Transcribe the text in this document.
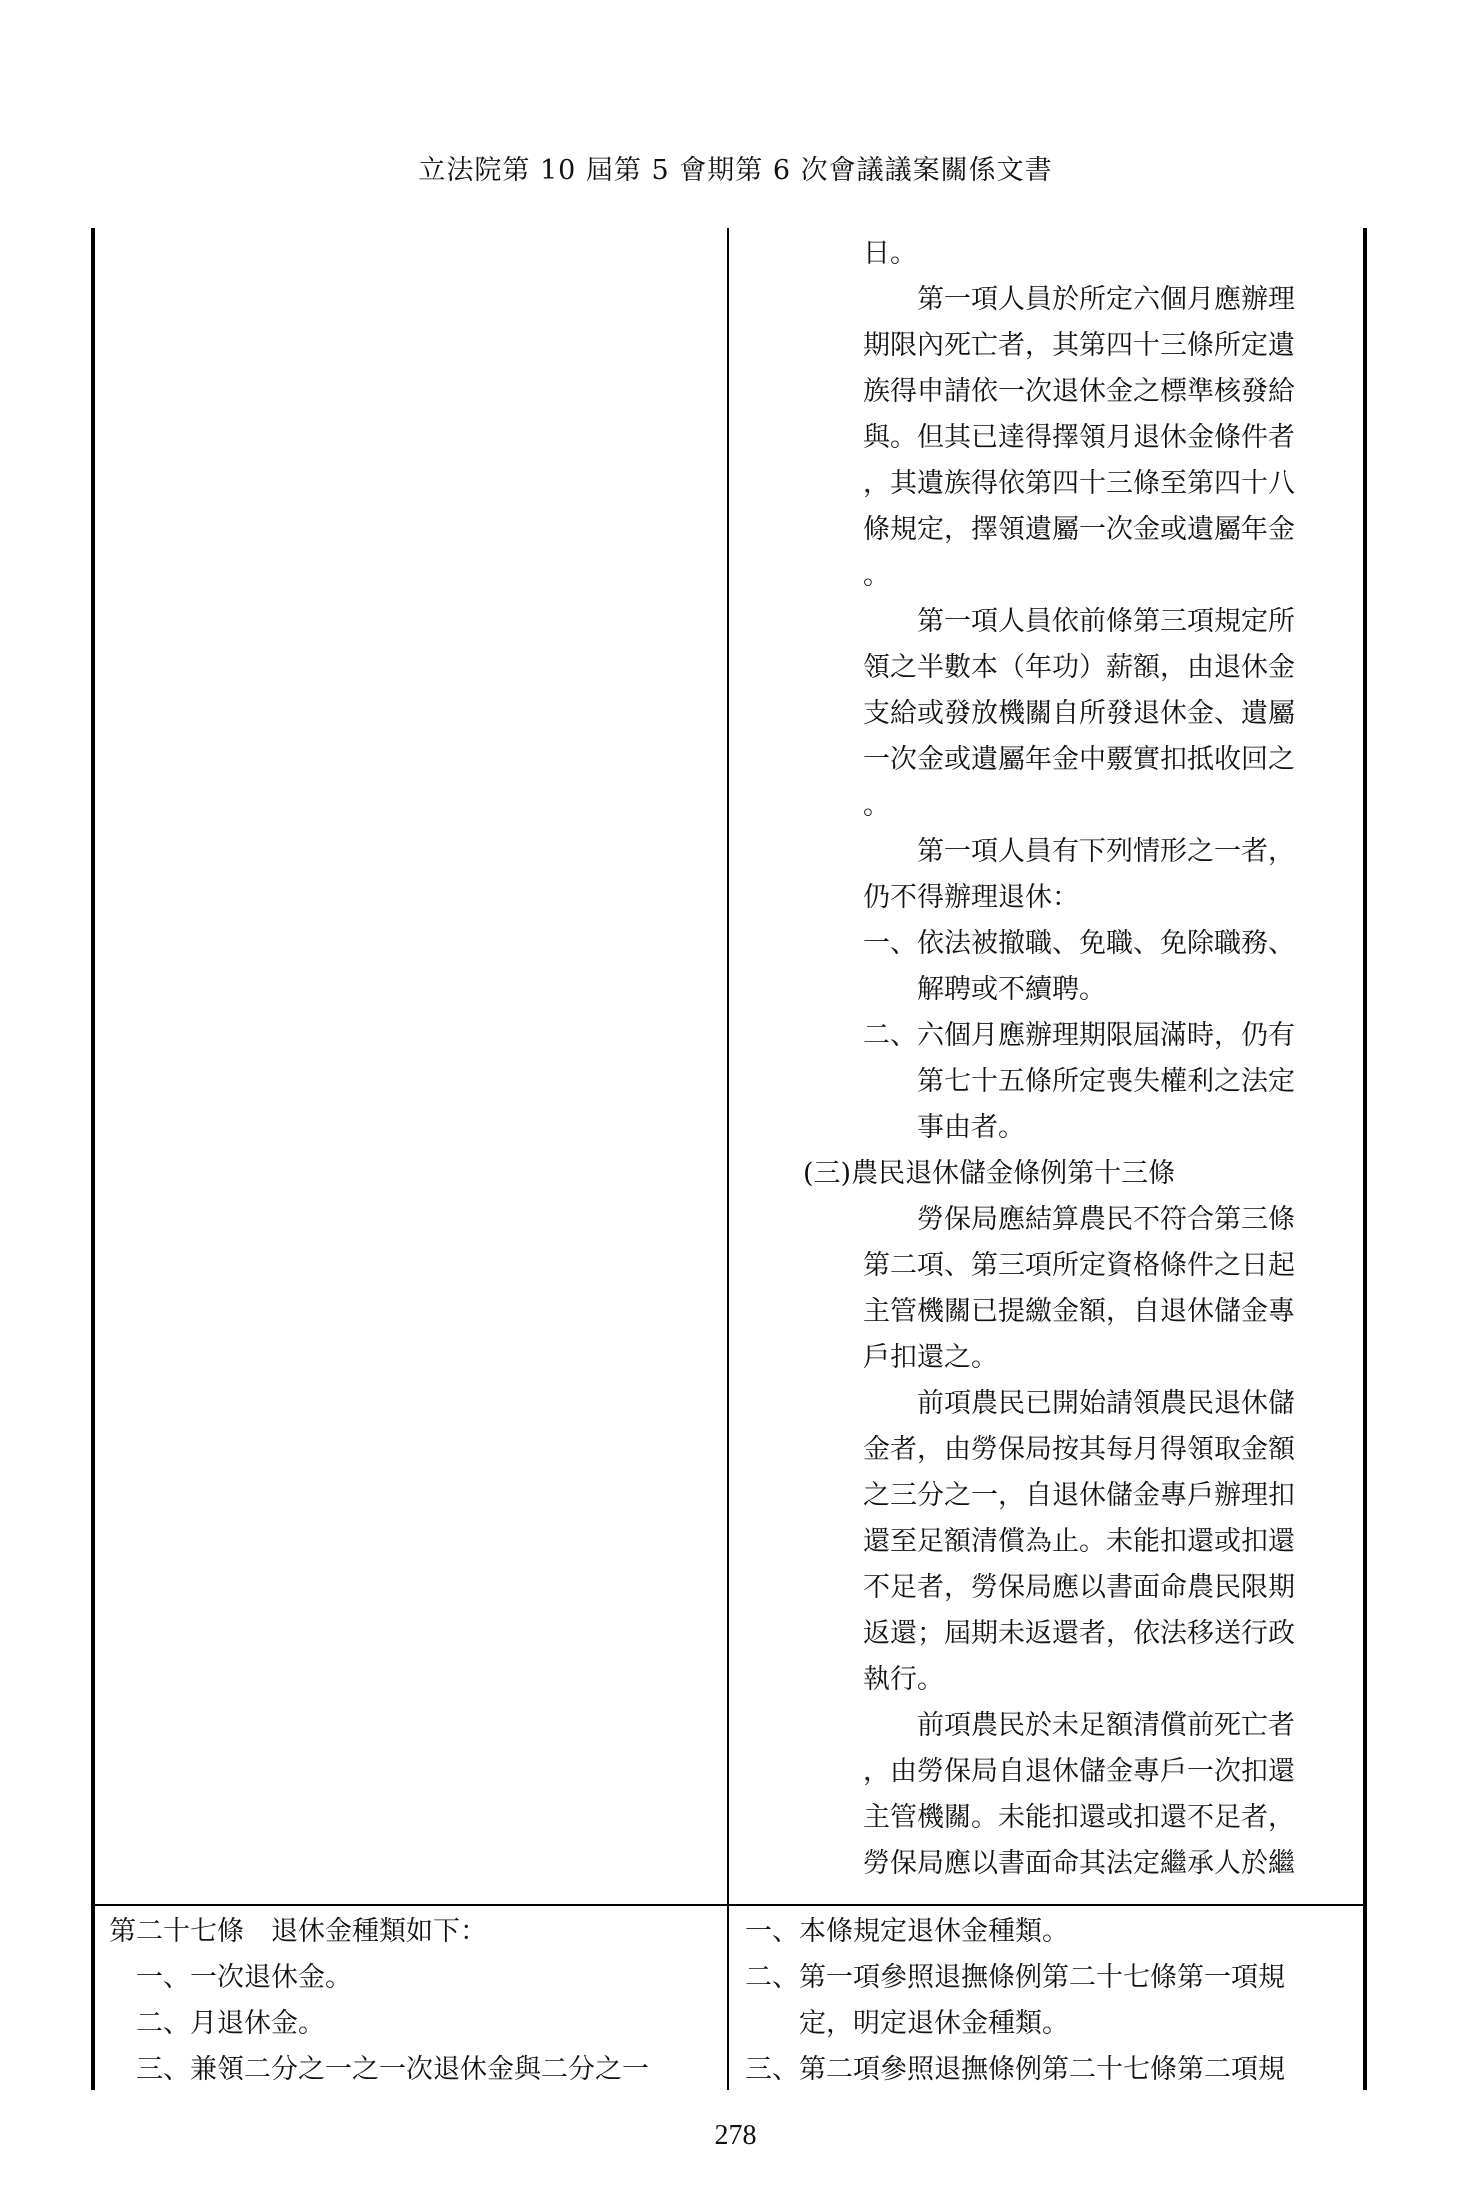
立法院第 10 屆第 5 會期第 6 次會議議案關係文書
日。
　　第一項人員於所定六個月應辦理
期限內死亡者，其第四十三條所定遺
族得申請依一次退休金之標準核發給
與。但其已達得擇領月退休金條件者
，其遺族得依第四十三條至第四十八
條規定，擇領遺屬一次金或遺屬年金
。
　　第一項人員依前條第三項規定所
領之半數本（年功）薪額，由退休金
支給或發放機關自所發退休金、遺屬
一次金或遺屬年金中覈實扣抵收回之
。
　　第一項人員有下列情形之一者，
仍不得辦理退休：
一、依法被撤職、免職、免除職務、
　　解聘或不續聘。
二、六個月應辦理期限屆滿時，仍有
　　第七十五條所定喪失權利之法定
　　事由者。
(三)農民退休儲金條例第十三條
　　勞保局應結算農民不符合第三條
第二項、第三項所定資格條件之日起
主管機關已提繳金額，自退休儲金專
戶扣還之。
　　前項農民已開始請領農民退休儲
金者，由勞保局按其每月得領取金額
之三分之一，自退休儲金專戶辦理扣
還至足額清償為止。未能扣還或扣還
不足者，勞保局應以書面命農民限期
返還；屆期未返還者，依法移送行政
執行。
　　前項農民於未足額清償前死亡者
，由勞保局自退休儲金專戶一次扣還
主管機關。未能扣還或扣還不足者，
勞保局應以書面命其法定繼承人於繼
第二十七條　退休金種類如下：
　一、一次退休金。
　二、月退休金。
　三、兼領二分之一之一次退休金與二分之一
一、本條規定退休金種類。
二、第一項參照退撫條例第二十七條第一項規
　　定，明定退休金種類。
三、第二項參照退撫條例第二十七條第二項規
278
